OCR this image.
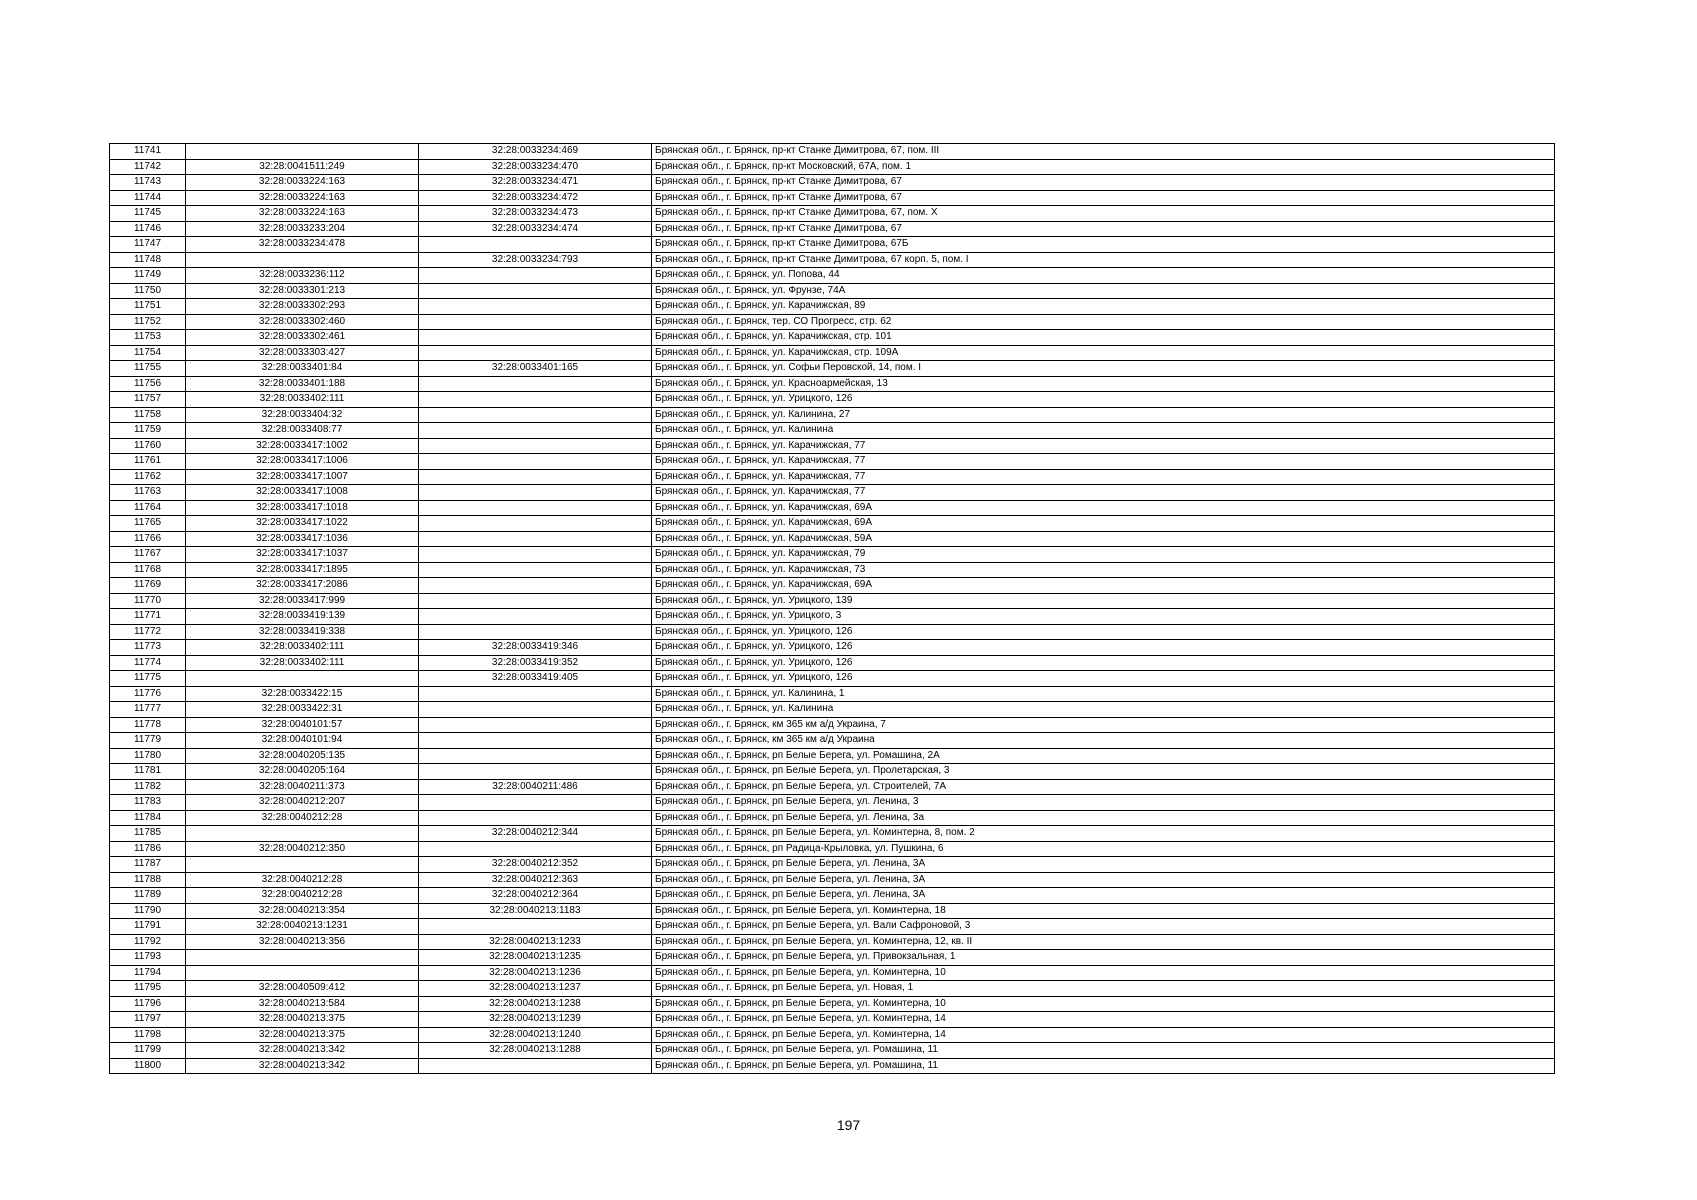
11741		32:28:0033234:469	Брянская обл., г. Брянск, пр-кт Станке Димитрова, 67, пом. III
11742	32:28:0041511:249	32:28:0033234:470	Брянская обл., г. Брянск, пр-кт Московский, 67А, пом. 1
11743	32:28:0033224:163	32:28:0033234:471	Брянская обл., г. Брянск, пр-кт Станке Димитрова, 67
11744	32:28:0033224:163	32:28:0033234:472	Брянская обл., г. Брянск, пр-кт Станке Димитрова, 67
11745	32:28:0033224:163	32:28:0033234:473	Брянская обл., г. Брянск, пр-кт Станке Димитрова, 67, пом. X
11746	32:28:0033233:204	32:28:0033234:474	Брянская обл., г. Брянск, пр-кт Станке Димитрова, 67
11747	32:28:0033234:478		Брянская обл., г. Брянск, пр-кт Станке Димитрова, 67Б
11748		32:28:0033234:793	Брянская обл., г. Брянск, пр-кт Станке Димитрова, 67 корп. 5, пом. I
11749	32:28:0033236:112		Брянская обл., г. Брянск, ул. Попова, 44
11750	32:28:0033301:213		Брянская обл., г. Брянск, ул. Фрунзе, 74А
11751	32:28:0033302:293		Брянская обл., г. Брянск, ул. Карачижская, 89
11752	32:28:0033302:460		Брянская обл., г. Брянск, тер. СО Прогресс, стр. 62
11753	32:28:0033302:461		Брянская обл., г. Брянск, ул. Карачижская, стр. 101
11754	32:28:0033303:427		Брянская обл., г. Брянск, ул. Карачижская, стр. 109А
11755	32:28:0033401:84	32:28:0033401:165	Брянская обл., г. Брянск, ул. Софьи Перовской, 14, пом. I
11756	32:28:0033401:188		Брянская обл., г. Брянск, ул. Красноармейская, 13
11757	32:28:0033402:111		Брянская обл., г. Брянск, ул. Урицкого, 126
11758	32:28:0033404:32		Брянская обл., г. Брянск, ул. Калинина, 27
11759	32:28:0033408:77		Брянская обл., г. Брянск, ул. Калинина
11760	32:28:0033417:1002		Брянская обл., г. Брянск, ул. Карачижская, 77
11761	32:28:0033417:1006		Брянская обл., г. Брянск, ул. Карачижская, 77
11762	32:28:0033417:1007		Брянская обл., г. Брянск, ул. Карачижская, 77
11763	32:28:0033417:1008		Брянская обл., г. Брянск, ул. Карачижская, 77
11764	32:28:0033417:1018		Брянская обл., г. Брянск, ул. Карачижская, 69А
11765	32:28:0033417:1022		Брянская обл., г. Брянск, ул. Карачижская, 69А
11766	32:28:0033417:1036		Брянская обл., г. Брянск, ул. Карачижская, 59А
11767	32:28:0033417:1037		Брянская обл., г. Брянск, ул. Карачижская, 79
11768	32:28:0033417:1895		Брянская обл., г. Брянск, ул. Карачижская, 73
11769	32:28:0033417:2086		Брянская обл., г. Брянск, ул. Карачижская, 69А
11770	32:28:0033417:999		Брянская обл., г. Брянск, ул. Урицкого, 139
11771	32:28:0033419:139		Брянская обл., г. Брянск, ул. Урицкого, 3
11772	32:28:0033419:338		Брянская обл., г. Брянск, ул. Урицкого, 126
11773	32:28:0033402:111	32:28:0033419:346	Брянская обл., г. Брянск, ул. Урицкого, 126
11774	32:28:0033402:111	32:28:0033419:352	Брянская обл., г. Брянск, ул. Урицкого, 126
11775		32:28:0033419:405	Брянская обл., г. Брянск, ул. Урицкого, 126
11776	32:28:0033422:15		Брянская обл., г. Брянск, ул. Калинина, 1
11777	32:28:0033422:31		Брянская обл., г. Брянск, ул. Калинина
11778	32:28:0040101:57		Брянская обл., г. Брянск, км 365 км а/д Украина, 7
11779	32:28:0040101:94		Брянская обл., г. Брянск, км 365 км а/д Украина
11780	32:28:0040205:135		Брянская обл., г. Брянск, рп Белые Берега, ул. Ромашина, 2А
11781	32:28:0040205:164		Брянская обл., г. Брянск, рп Белые Берега, ул. Пролетарская, 3
11782	32:28:0040211:373	32:28:0040211:486	Брянская обл., г. Брянск, рп Белые Берега, ул. Строителей, 7А
11783	32:28:0040212:207		Брянская обл., г. Брянск, рп Белые Берега, ул. Ленина, 3
11784	32:28:0040212:28		Брянская обл., г. Брянск, рп Белые Берега, ул. Ленина, 3а
11785		32:28:0040212:344	Брянская обл., г. Брянск, рп Белые Берега, ул. Коминтерна, 8, пом. 2
11786	32:28:0040212:350		Брянская обл., г. Брянск, рп Радица-Крыловка, ул. Пушкина, 6
11787		32:28:0040212:352	Брянская обл., г. Брянск, рп Белые Берега, ул. Ленина, 3А
11788	32:28:0040212:28	32:28:0040212:363	Брянская обл., г. Брянск, рп Белые Берега, ул. Ленина, 3А
11789	32:28:0040212:28	32:28:0040212:364	Брянская обл., г. Брянск, рп Белые Берега, ул. Ленина, 3А
11790	32:28:0040213:354	32:28:0040213:1183	Брянская обл., г. Брянск, рп Белые Берега, ул. Коминтерна, 18
11791	32:28:0040213:1231		Брянская обл., г. Брянск, рп Белые Берега, ул. Вали Сафроновой, 3
11792	32:28:0040213:356	32:28:0040213:1233	Брянская обл., г. Брянск, рп Белые Берега, ул. Коминтерна, 12, кв. II
11793		32:28:0040213:1235	Брянская обл., г. Брянск, рп Белые Берега, ул. Привокзальная, 1
11794		32:28:0040213:1236	Брянская обл., г. Брянск, рп Белые Берега, ул. Коминтерна, 10
11795	32:28:0040509:412	32:28:0040213:1237	Брянская обл., г. Брянск, рп Белые Берега, ул. Новая, 1
11796	32:28:0040213:584	32:28:0040213:1238	Брянская обл., г. Брянск, рп Белые Берега, ул. Коминтерна, 10
11797	32:28:0040213:375	32:28:0040213:1239	Брянская обл., г. Брянск, рп Белые Берега, ул. Коминтерна, 14
11798	32:28:0040213:375	32:28:0040213:1240	Брянская обл., г. Брянск, рп Белые Берега, ул. Коминтерна, 14
11799	32:28:0040213:342	32:28:0040213:1288	Брянская обл., г. Брянск, рп Белые Берега, ул. Ромашина, 11
11800	32:28:0040213:342		Брянская обл., г. Брянск, рп Белые Берега, ул. Ромашина, 11
197
